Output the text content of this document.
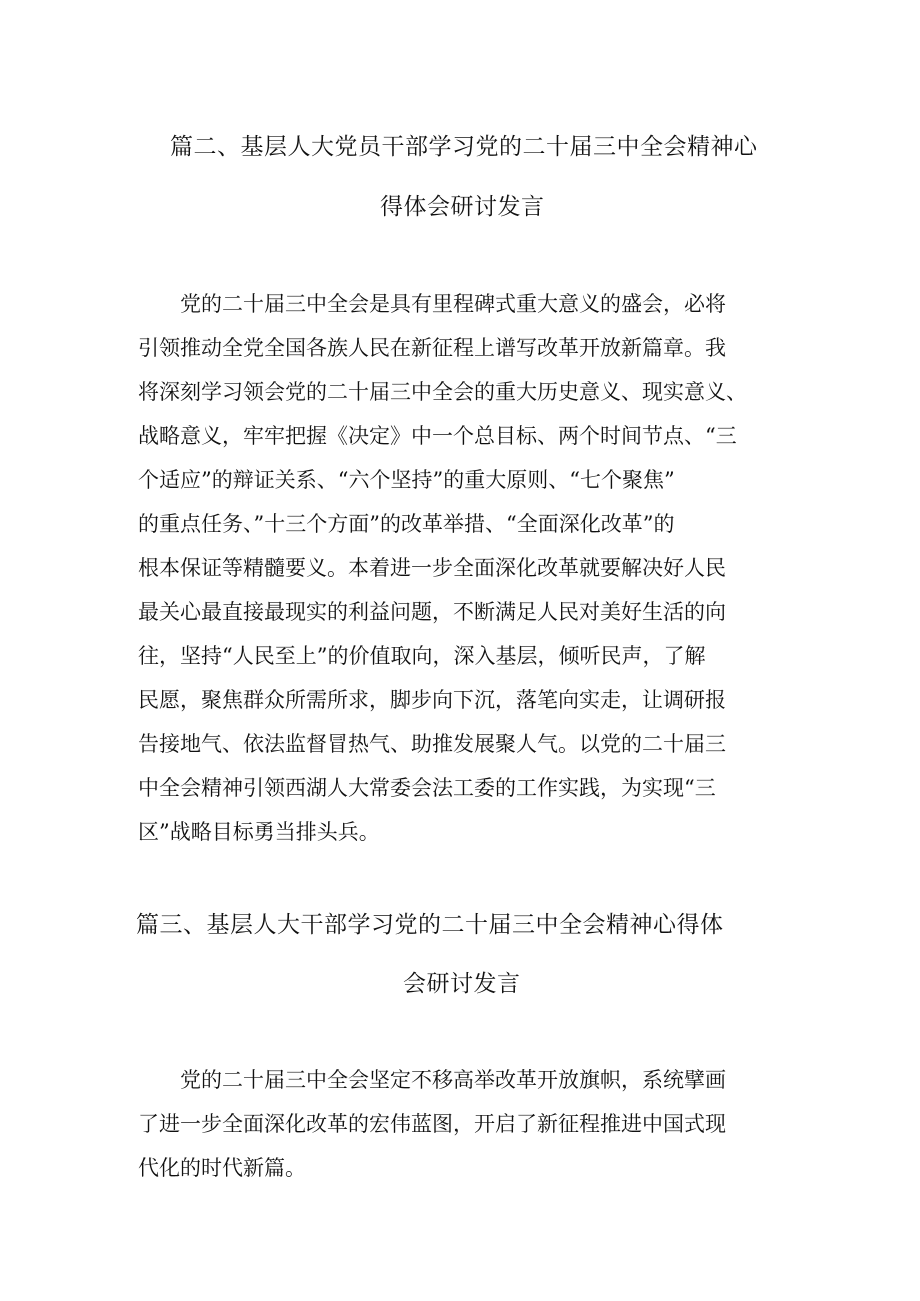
篇二、基层人大党员干部学习党的二十届三中全会精神心
得体会研讨发言
党的二十届三中全会是具有里程碑式重大意义的盛会，必将
引领推动全党全国各族人民在新征程上谱写改革开放新篇章。我
将深刻学习领会党的二十届三中全会的重大历史意义、现实意义、
战略意义，牢牢把握《决定》中一个总目标、两个时间节点、“三
个适应”的辩证关系、“六个坚持”的重大原则、“七个聚焦”
的重点任务、”十三个方面”的改革举措、“全面深化改革”的
根本保证等精髓要义。本着进一步全面深化改革就要解决好人民
最关心最直接最现实的利益问题，不断满足人民对美好生活的向
往，坚持“人民至上”的价值取向，深入基层，倾听民声，了解
民愿，聚焦群众所需所求，脚步向下沉，落笔向实走，让调研报
告接地气、依法监督冒热气、助推发展聚人气。以党的二十届三
中全会精神引领西湖人大常委会法工委的工作实践，为实现“三
区”战略目标勇当排头兵。
篇三、基层人大干部学习党的二十届三中全会精神心得体
会研讨发言
党的二十届三中全会坚定不移高举改革开放旗帜，系统擘画
了进一步全面深化改革的宏伟蓝图，开启了新征程推进中国式现
代化的时代新篇。
